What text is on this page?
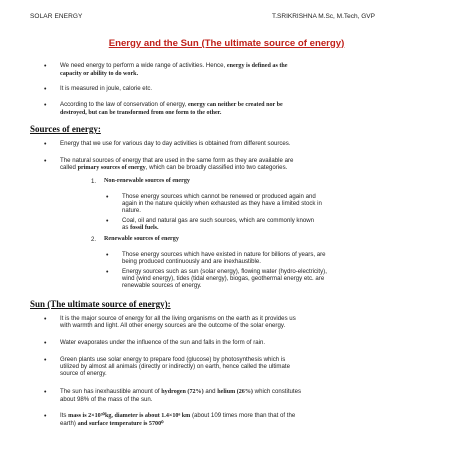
SOLAR ENERGY	T.SRIKRISHNA M.Sc, M.Tech, GVP
Energy and the Sun (The ultimate source of energy)
• We need energy to perform a wide range of activities. Hence, energy is defined as the
capacity or ability to do work.
• It is measured in joule, calorie etc.
• According to the law of conservation of energy, energy can neither be created nor be
destroyed, but can be transformed from one form to the other.
Sources of energy:
• Energy that we use for various day to day activities is obtained from different sources.
• The natural sources of energy that are used in the same form as they are available are
called primary sources of energy, which can be broadly classified into two categories.
1. Non-renewable sources of energy
• Those energy sources which cannot be renewed or produced again and
again in the nature quickly when exhausted as they have a limited stock in
nature.
• Coal, oil and natural gas are such sources, which are commonly known
as fossil fuels.
2. Renewable sources of energy
• Those energy sources which have existed in nature for billions of years, are
being produced continuously and are inexhaustible.
• Energy sources such as sun (solar energy), flowing water (hydro-electricity),
wind (wind energy), tides (tidal energy), biogas, geothermal energy etc. are
renewable sources of energy.
Sun (The ultimate source of energy):
• It is the major source of energy for all the living organisms on the earth as it provides us
with warmth and light. All other energy sources are the outcome of the solar energy.
• Water evaporates under the influence of the sun and falls in the form of rain.
• Green plants use solar energy to prepare food (glucose) by photosynthesis which is
utilized by almost all animals (directly or indirectly) on earth, hence called the ultimate
source of energy.
• The sun has inexhaustible amount of hydrogen (72%) and helium (26%) which constitutes
about 98% of the mass of the sun.
• Its mass is 2×10³⁰kg, diameter is about 1.4×10⁶ km (about 109 times more than that of the
earth) and surface temperature is 5700⁰
